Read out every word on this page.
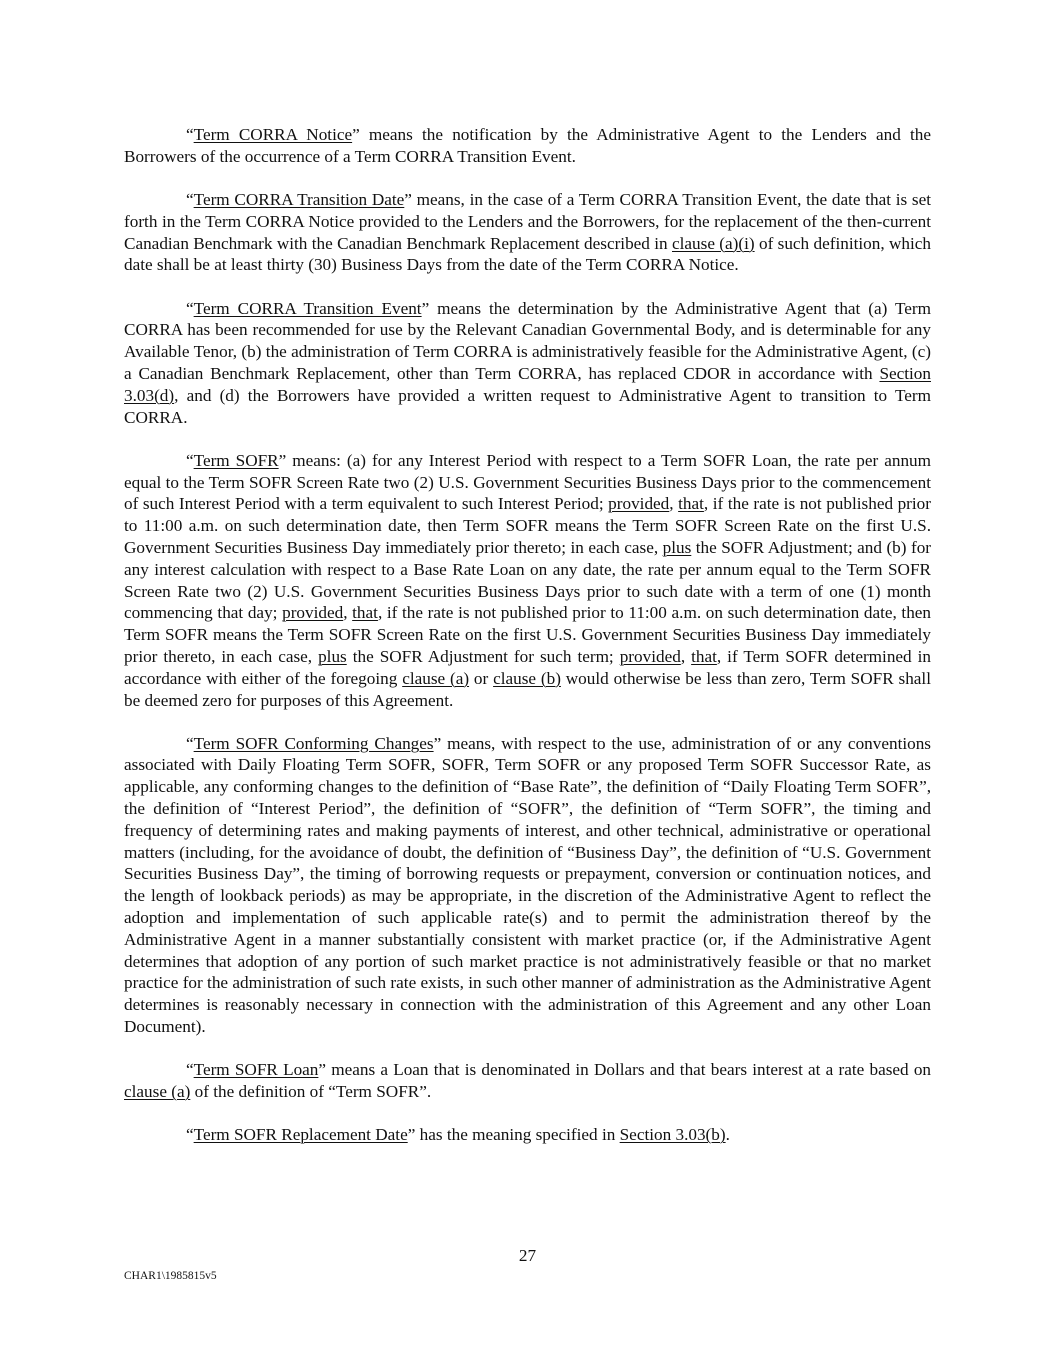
“Term CORRA Notice” means the notification by the Administrative Agent to the Lenders and the Borrowers of the occurrence of a Term CORRA Transition Event.

“Term CORRA Transition Date” means, in the case of a Term CORRA Transition Event, the date that is set forth in the Term CORRA Notice provided to the Lenders and the Borrowers, for the replacement of the then-current Canadian Benchmark with the Canadian Benchmark Replacement described in clause (a)(i) of such definition, which date shall be at least thirty (30) Business Days from the date of the Term CORRA Notice.

“Term CORRA Transition Event” means the determination by the Administrative Agent that (a) Term CORRA has been recommended for use by the Relevant Canadian Governmental Body, and is determinable for any Available Tenor, (b) the administration of Term CORRA is administratively feasible for the Administrative Agent, (c) a Canadian Benchmark Replacement, other than Term CORRA, has replaced CDOR in accordance with Section 3.03(d), and (d) the Borrowers have provided a written request to Administrative Agent to transition to Term CORRA.

“Term SOFR” means: (a) for any Interest Period with respect to a Term SOFR Loan, the rate per annum equal to the Term SOFR Screen Rate two (2) U.S. Government Securities Business Days prior to the commencement of such Interest Period with a term equivalent to such Interest Period; provided, that, if the rate is not published prior to 11:00 a.m. on such determination date, then Term SOFR means the Term SOFR Screen Rate on the first U.S. Government Securities Business Day immediately prior thereto; in each case, plus the SOFR Adjustment; and (b) for any interest calculation with respect to a Base Rate Loan on any date, the rate per annum equal to the Term SOFR Screen Rate two (2) U.S. Government Securities Business Days prior to such date with a term of one (1) month commencing that day; provided, that, if the rate is not published prior to 11:00 a.m. on such determination date, then Term SOFR means the Term SOFR Screen Rate on the first U.S. Government Securities Business Day immediately prior thereto, in each case, plus the SOFR Adjustment for such term; provided, that, if Term SOFR determined in accordance with either of the foregoing clause (a) or clause (b) would otherwise be less than zero, Term SOFR shall be deemed zero for purposes of this Agreement.

“Term SOFR Conforming Changes” means, with respect to the use, administration of or any conventions associated with Daily Floating Term SOFR, SOFR, Term SOFR or any proposed Term SOFR Successor Rate, as applicable, any conforming changes to the definition of “Base Rate”, the definition of “Daily Floating Term SOFR”, the definition of “Interest Period”, the definition of “SOFR”, the definition of “Term SOFR”, the timing and frequency of determining rates and making payments of interest, and other technical, administrative or operational matters (including, for the avoidance of doubt, the definition of “Business Day”, the definition of “U.S. Government Securities Business Day”, the timing of borrowing requests or prepayment, conversion or continuation notices, and the length of lookback periods) as may be appropriate, in the discretion of the Administrative Agent to reflect the adoption and implementation of such applicable rate(s) and to permit the administration thereof by the Administrative Agent in a manner substantially consistent with market practice (or, if the Administrative Agent determines that adoption of any portion of such market practice is not administratively feasible or that no market practice for the administration of such rate exists, in such other manner of administration as the Administrative Agent determines is reasonably necessary in connection with the administration of this Agreement and any other Loan Document).

“Term SOFR Loan” means a Loan that is denominated in Dollars and that bears interest at a rate based on clause (a) of the definition of “Term SOFR”.

“Term SOFR Replacement Date” has the meaning specified in Section 3.03(b).

27
CHAR1\1985815v5
